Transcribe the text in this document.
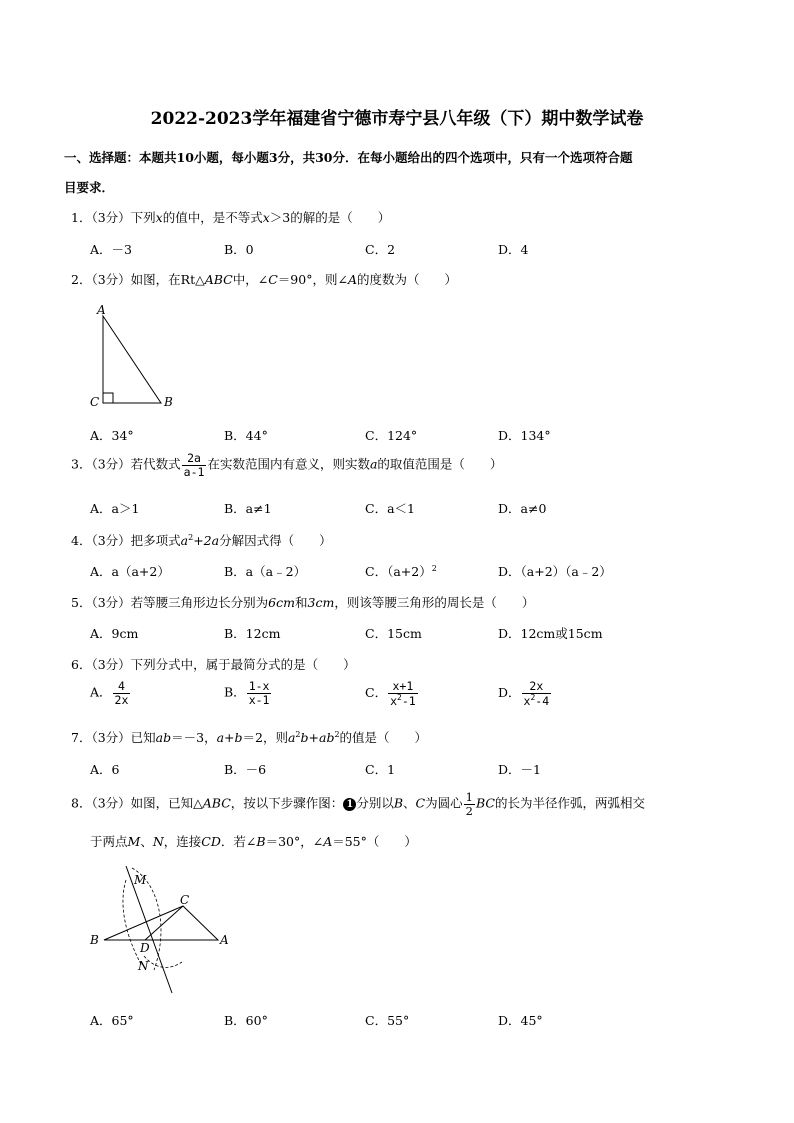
2022-2023学年福建省宁德市寿宁县八年级（下）期中数学试卷
一、选择题：本题共10小题，每小题3分，共30分．在每小题给出的四个选项中，只有一个选项符合题
目要求．
1．（3分）下列x的值中，是不等式x＞3的解的是（　　）
A．－3	B．0	C．2	D．4
2．（3分）如图，在Rt△ABC中，∠C＝90°，则∠A的度数为（　　）
A
C	B
A．34°	B．44°	C．124°	D．134°
3．（3分）若代数式 $\frac{2a}{a-1}$ 在实数范围内有意义，则实数a的取值范围是（　　）
A．a＞1	B．a≠1	C．a＜1	D．a≠0
4．（3分）把多项式$a^2+2a$分解因式得（　　）
A．a（a+2）	B．a（a﹣2）	C．$(a+2)^2$	D．（a+2）（a﹣2）
5．（3分）若等腰三角形边长分别为6cm和3cm，则该等腰三角形的周长是（　　）
A．9cm	B．12cm	C．15cm	D．12cm或15cm
6．（3分）下列分式中，属于最简分式的是（　　）
A． $\frac{4}{2x}$	B． $\frac{1-x}{x-1}$	C． $\frac{x+1}{x^2-1}$	D． $\frac{2x}{x^2-4}$
7．（3分）已知ab＝－3，a+b＝2，则$a^2b+ab^2$的值是（　　）
A．6	B．－6	C．1	D．－1
8．（3分）如图，已知△ABC，按以下步骤作图： 1 分别以B、C为圆心 $\frac{1}{2}$ BC的长为半径作弧，两弧相交
于两点M、N，连接CD．若∠B＝30°，∠A＝55°（　　）
M
C
B
D
A
N
A．65°	B．60°	C．55°	D．45°
